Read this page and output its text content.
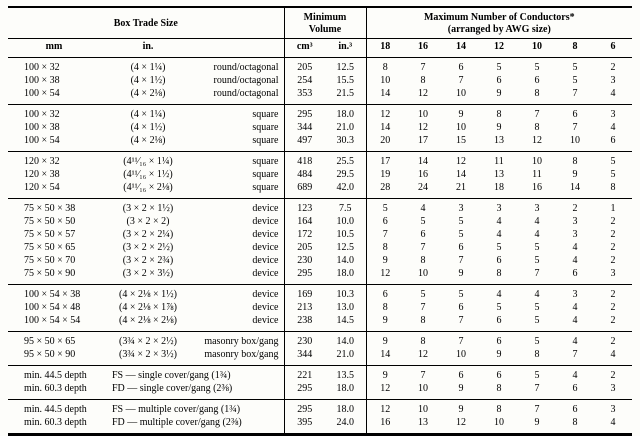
Box Trade Size			Minimum
Volume		Maximum Number of Conductors*
(arranged by AWG size)						
mm	in.		cm³	in.³	18	16	14	12	10	8	6
100 × 32	(4 × 1¼)	round/octagonal	205	12.5	8	7	6	5	5	5	2
100 × 38	(4 × 1½)	round/octagonal	254	15.5	10	8	7	6	6	5	3
100 × 54	(4 × 2⅛)	round/octagonal	353	21.5	14	12	10	9	8	7	4
100 × 32	(4 × 1¼)	square	295	18.0	12	10	9	8	7	6	3
100 × 38	(4 × 1½)	square	344	21.0	14	12	10	9	8	7	4
100 × 54	(4 × 2⅛)	square	497	30.3	20	17	15	13	12	10	6
120 × 32	(4¹¹⁄₁₆ × 1¼)	square	418	25.5	17	14	12	11	10	8	5
120 × 38	(4¹¹⁄₁₆ × 1½)	square	484	29.5	19	16	14	13	11	9	5
120 × 54	(4¹¹⁄₁₆ × 2⅛)	square	689	42.0	28	24	21	18	16	14	8
75 × 50 × 38	(3 × 2 × 1½)	device	123	7.5	5	4	3	3	3	2	1
75 × 50 × 50	(3 × 2 × 2)	device	164	10.0	6	5	5	4	4	3	2
75 × 50 × 57	(3 × 2 × 2¼)	device	172	10.5	7	6	5	4	4	3	2
75 × 50 × 65	(3 × 2 × 2½)	device	205	12.5	8	7	6	5	5	4	2
75 × 50 × 70	(3 × 2 × 2¾)	device	230	14.0	9	8	7	6	5	4	2
75 × 50 × 90	(3 × 2 × 3½)	device	295	18.0	12	10	9	8	7	6	3
100 × 54 × 38	(4 × 2⅛ × 1½)	device	169	10.3	6	5	5	4	4	3	2
100 × 54 × 48	(4 × 2⅛ × 1⅞)	device	213	13.0	8	7	6	5	5	4	2
100 × 54 × 54	(4 × 2⅛ × 2⅛)	device	238	14.5	9	8	7	6	5	4	2
95 × 50 × 65	(3¾ × 2 × 2½)	masonry box/gang	230	14.0	9	8	7	6	5	4	2
95 × 50 × 90	(3¾ × 2 × 3½)	masonry box/gang	344	21.0	14	12	10	9	8	7	4
min. 44.5 depth	FS — single cover/gang (1¾)		221	13.5	9	7	6	6	5	4	2
min. 60.3 depth	FD — single cover/gang (2⅜)		295	18.0	12	10	9	8	7	6	3
min. 44.5 depth	FS — multiple cover/gang (1¾)		295	18.0	12	10	9	8	7	6	3
min. 60.3 depth	FD — multiple cover/gang (2⅜)		395	24.0	16	13	12	10	9	8	4
